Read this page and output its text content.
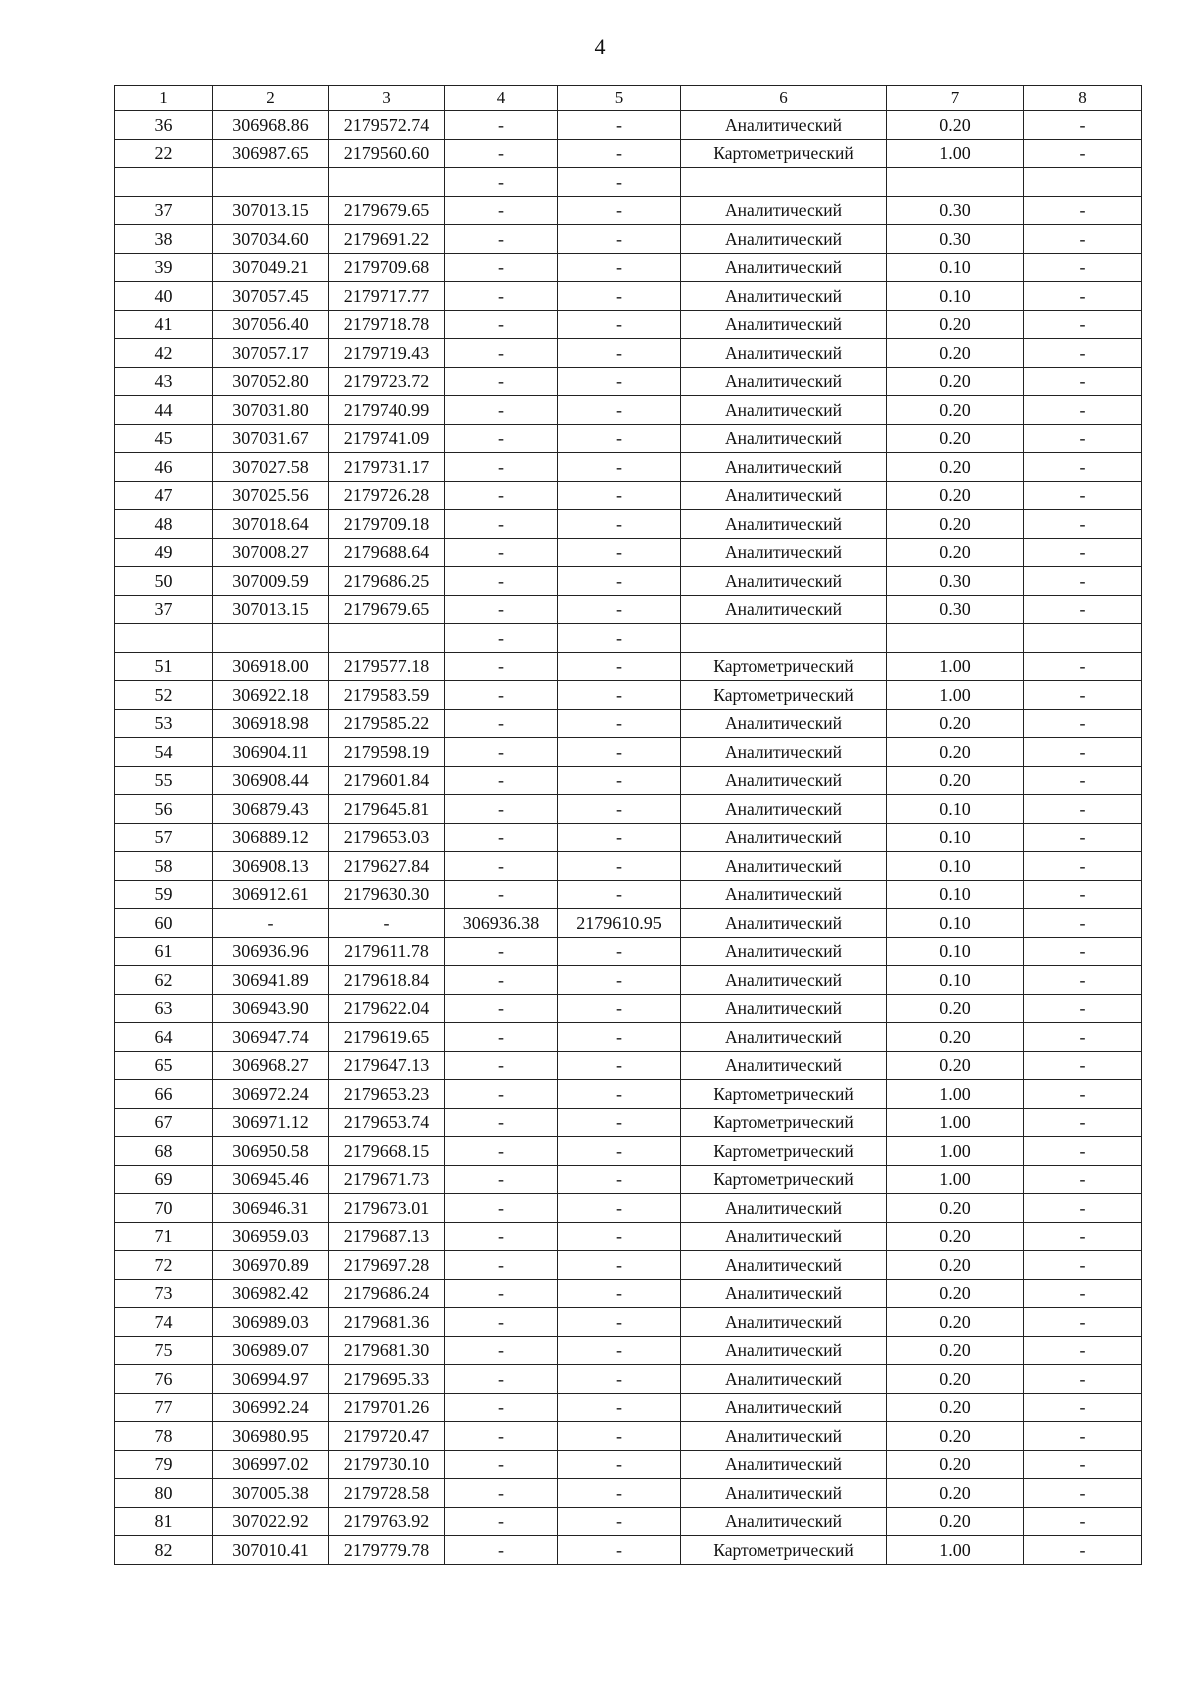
4
1	2	3	4	5	6	7	8
36	306968.86	2179572.74	-	-	Аналитический	0.20	-
22	306987.65	2179560.60	-	-	Картометрический	1.00	-
			-	-			
37	307013.15	2179679.65	-	-	Аналитический	0.30	-
38	307034.60	2179691.22	-	-	Аналитический	0.30	-
39	307049.21	2179709.68	-	-	Аналитический	0.10	-
40	307057.45	2179717.77	-	-	Аналитический	0.10	-
41	307056.40	2179718.78	-	-	Аналитический	0.20	-
42	307057.17	2179719.43	-	-	Аналитический	0.20	-
43	307052.80	2179723.72	-	-	Аналитический	0.20	-
44	307031.80	2179740.99	-	-	Аналитический	0.20	-
45	307031.67	2179741.09	-	-	Аналитический	0.20	-
46	307027.58	2179731.17	-	-	Аналитический	0.20	-
47	307025.56	2179726.28	-	-	Аналитический	0.20	-
48	307018.64	2179709.18	-	-	Аналитический	0.20	-
49	307008.27	2179688.64	-	-	Аналитический	0.20	-
50	307009.59	2179686.25	-	-	Аналитический	0.30	-
37	307013.15	2179679.65	-	-	Аналитический	0.30	-
			-	-			
51	306918.00	2179577.18	-	-	Картометрический	1.00	-
52	306922.18	2179583.59	-	-	Картометрический	1.00	-
53	306918.98	2179585.22	-	-	Аналитический	0.20	-
54	306904.11	2179598.19	-	-	Аналитический	0.20	-
55	306908.44	2179601.84	-	-	Аналитический	0.20	-
56	306879.43	2179645.81	-	-	Аналитический	0.10	-
57	306889.12	2179653.03	-	-	Аналитический	0.10	-
58	306908.13	2179627.84	-	-	Аналитический	0.10	-
59	306912.61	2179630.30	-	-	Аналитический	0.10	-
60	-	-	306936.38	2179610.95	Аналитический	0.10	-
61	306936.96	2179611.78	-	-	Аналитический	0.10	-
62	306941.89	2179618.84	-	-	Аналитический	0.10	-
63	306943.90	2179622.04	-	-	Аналитический	0.20	-
64	306947.74	2179619.65	-	-	Аналитический	0.20	-
65	306968.27	2179647.13	-	-	Аналитический	0.20	-
66	306972.24	2179653.23	-	-	Картометрический	1.00	-
67	306971.12	2179653.74	-	-	Картометрический	1.00	-
68	306950.58	2179668.15	-	-	Картометрический	1.00	-
69	306945.46	2179671.73	-	-	Картометрический	1.00	-
70	306946.31	2179673.01	-	-	Аналитический	0.20	-
71	306959.03	2179687.13	-	-	Аналитический	0.20	-
72	306970.89	2179697.28	-	-	Аналитический	0.20	-
73	306982.42	2179686.24	-	-	Аналитический	0.20	-
74	306989.03	2179681.36	-	-	Аналитический	0.20	-
75	306989.07	2179681.30	-	-	Аналитический	0.20	-
76	306994.97	2179695.33	-	-	Аналитический	0.20	-
77	306992.24	2179701.26	-	-	Аналитический	0.20	-
78	306980.95	2179720.47	-	-	Аналитический	0.20	-
79	306997.02	2179730.10	-	-	Аналитический	0.20	-
80	307005.38	2179728.58	-	-	Аналитический	0.20	-
81	307022.92	2179763.92	-	-	Аналитический	0.20	-
82	307010.41	2179779.78	-	-	Картометрический	1.00	-
